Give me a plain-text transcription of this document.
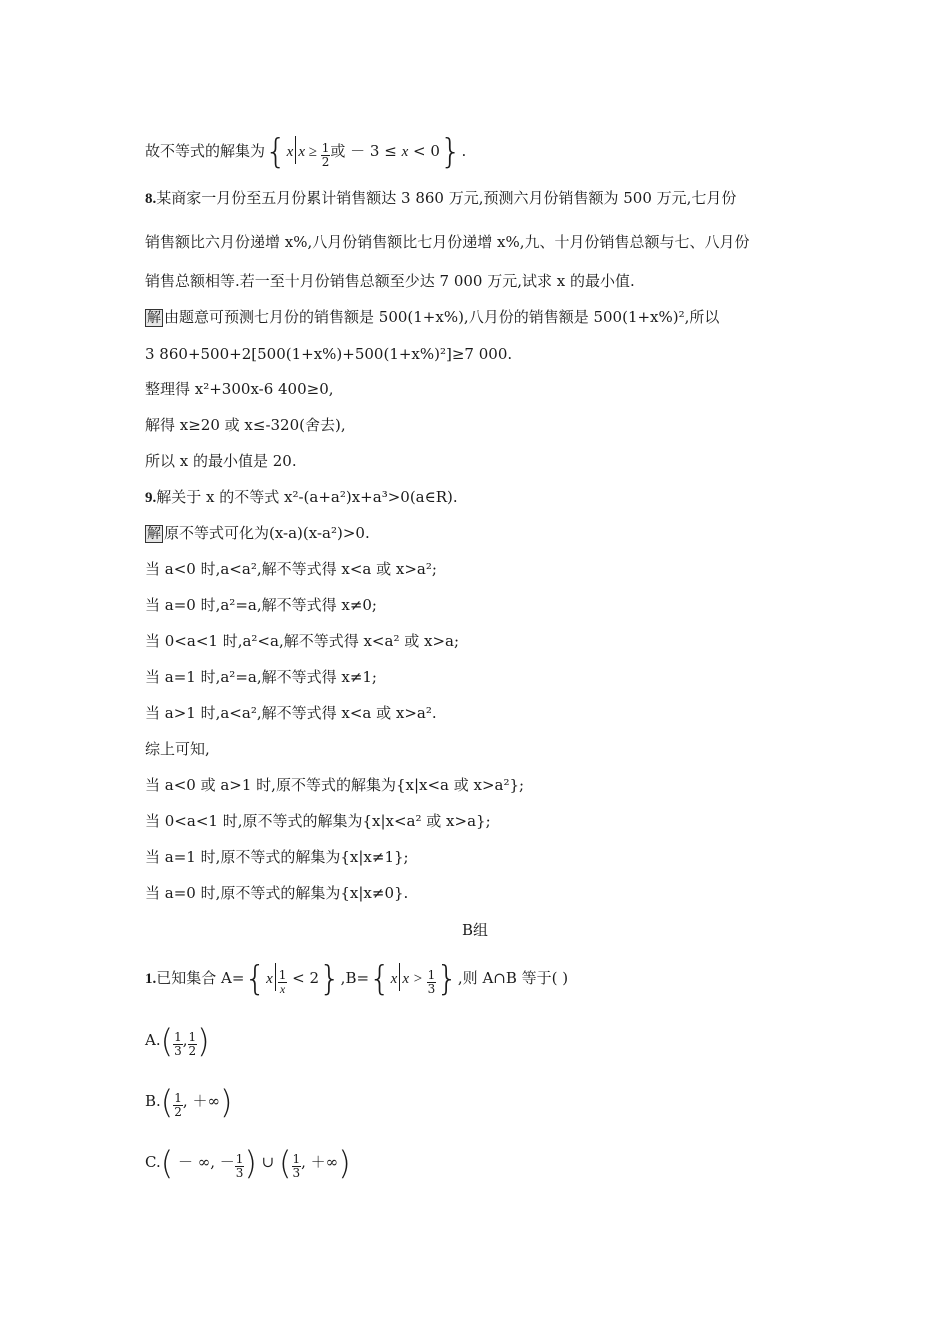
故不等式的解集为{x $x \ge \frac{1}{2}$ 或 － 3 ≤ x < 0}.
8.某商家一月份至五月份累计销售额达 3 860 万元,预测六月份销售额为 500 万元,七月份
销售额比六月份递增 x%,八月份销售额比七月份递增 x%,九、十月份销售总额与七、八月份
销售总额相等.若一至十月份销售总额至少达 7 000 万元,试求 x 的最小值.
解 由题意可预测七月份的销售额是 500(1+x%),八月份的销售额是 500(1+x%)²,所以
3 860+500+2[500(1+x%)+500(1+x%)²]≥7 000.
整理得 x²+300x-6 400≥0,
解得 x≥20 或 x≤-320(舍去),
所以 x 的最小值是 20.
9.解关于 x 的不等式 x²-(a+a²)x+a³>0(a∈R).
解 原不等式可化为(x-a)(x-a²)>0.
当 a<0 时,a<a²,解不等式得 x<a 或 x>a²;
当 a=0 时,a²=a,解不等式得 x≠0;
当 0<a<1 时,a²<a,解不等式得 x<a² 或 x>a;
当 a=1 时,a²=a,解不等式得 x≠1;
当 a>1 时,a<a²,解不等式得 x<a 或 x>a².
综上可知,
当 a<0 或 a>1 时,原不等式的解集为{x|x<a 或 x>a²};
当 0<a<1 时,原不等式的解集为{x|x<a² 或 x>a};
当 a=1 时,原不等式的解集为{x|x≠1};
当 a=0 时,原不等式的解集为{x|x≠0}.
B组
1.已知集合 $A=\{x \frac{1}{x} < 2\},B=\{x$ $x > \frac{1}{3}$ },则 A∩B 等于( )
$A.( \frac{1}{3}$ , $\frac{1}{2}$ )
$B.( \frac{1}{2}$ , ＋∞)
C.( － ∞, － $\frac{1}{3}$ ) ∪ ( $\frac{1}{3}$ , ＋∞)
